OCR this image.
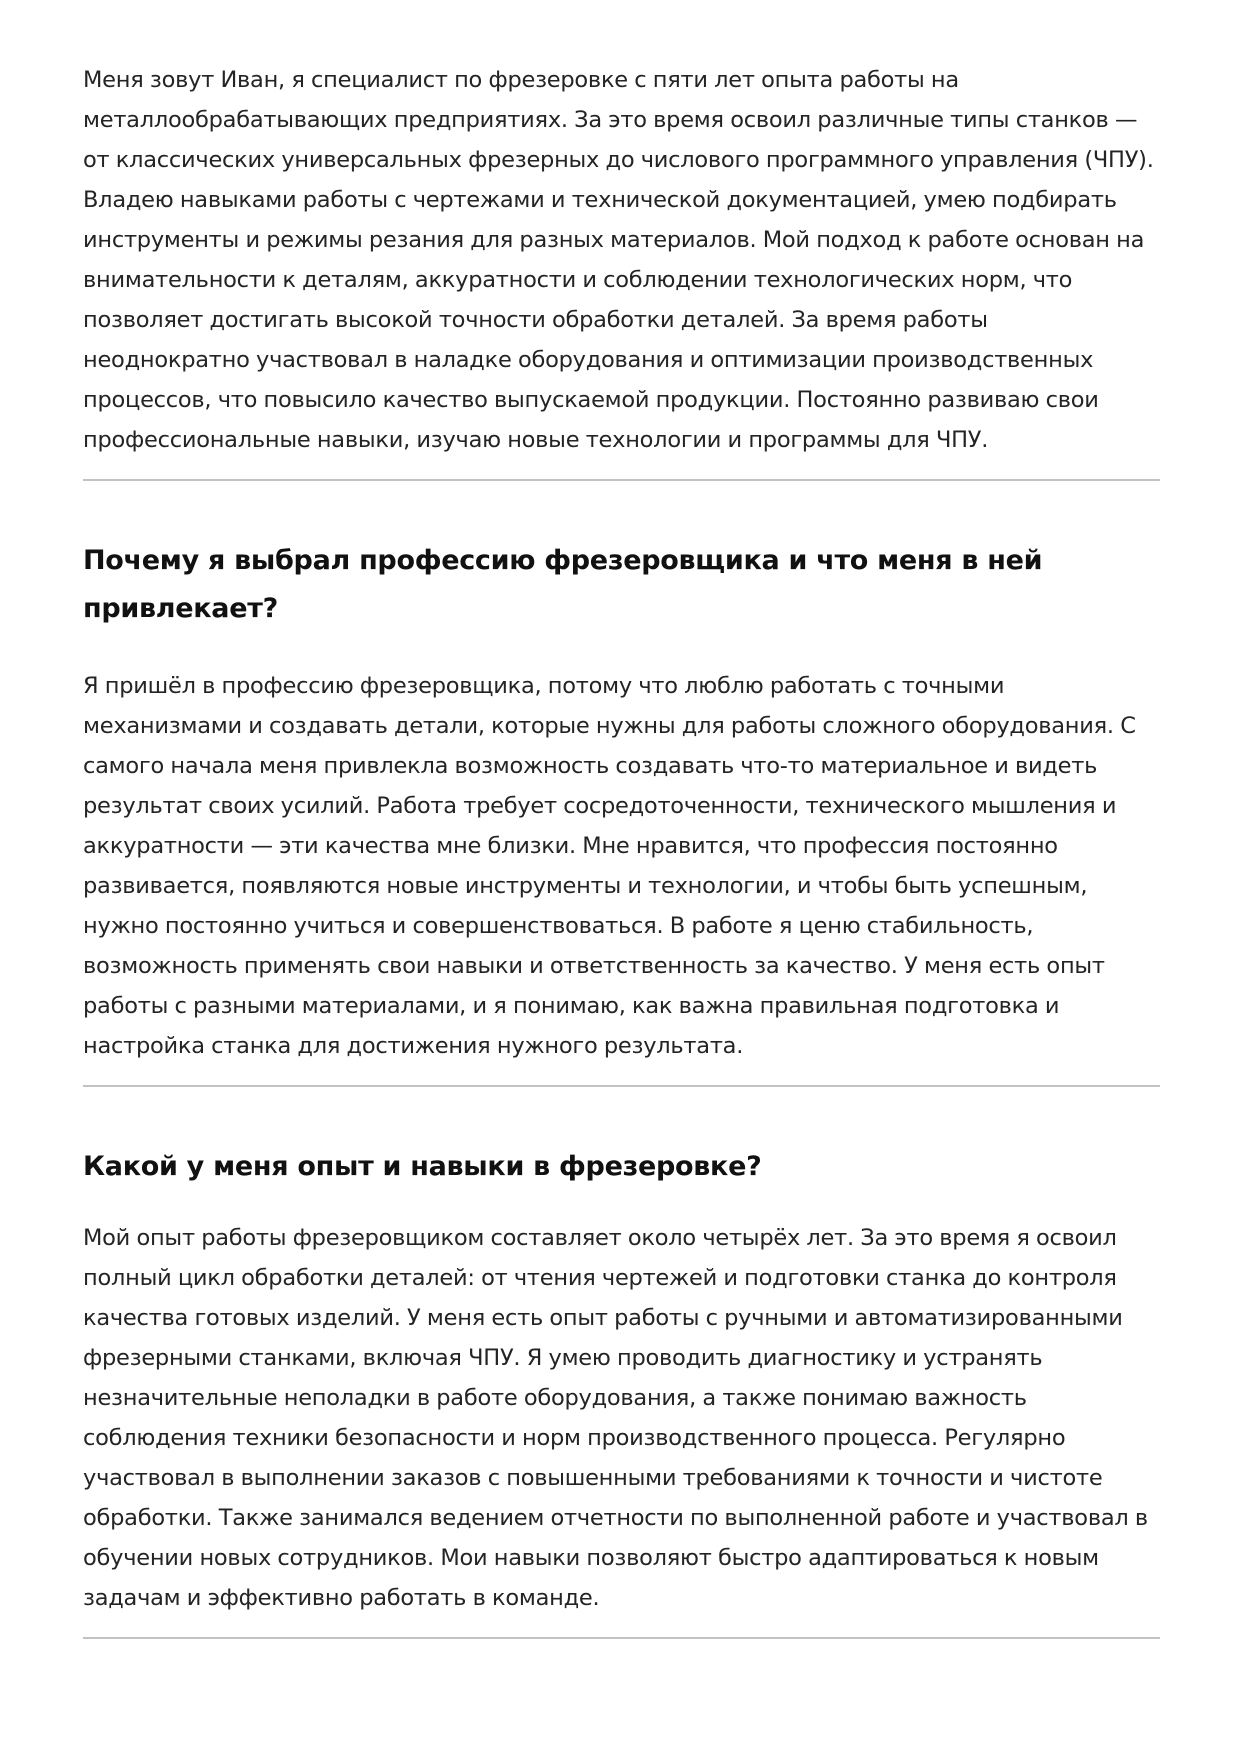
Меня зовут Иван, я специалист по фрезеровке с пяти лет опыта работы на металлообрабатывающих предприятиях. За это время освоил различные типы станков — от классических универсальных фрезерных до числового программного управления (ЧПУ). Владею навыками работы с чертежами и технической документацией, умею подбирать инструменты и режимы резания для разных материалов. Мой подход к работе основан на внимательности к деталям, аккуратности и соблюдении технологических норм, что позволяет достигать высокой точности обработки деталей. За время работы неоднократно участвовал в наладке оборудования и оптимизации производственных процессов, что повысило качество выпускаемой продукции. Постоянно развиваю свои профессиональные навыки, изучаю новые технологии и программы для ЧПУ.

Почему я выбрал профессию фрезеровщика и что меня в ней привлекает?

Я пришёл в профессию фрезеровщика, потому что люблю работать с точными механизмами и создавать детали, которые нужны для работы сложного оборудования. С самого начала меня привлекла возможность создавать что-то материальное и видеть результат своих усилий. Работа требует сосредоточенности, технического мышления и аккуратности — эти качества мне близки. Мне нравится, что профессия постоянно развивается, появляются новые инструменты и технологии, и чтобы быть успешным, нужно постоянно учиться и совершенствоваться. В работе я ценю стабильность, возможность применять свои навыки и ответственность за качество. У меня есть опыт работы с разными материалами, и я понимаю, как важна правильная подготовка и настройка станка для достижения нужного результата.

Какой у меня опыт и навыки в фрезеровке?

Мой опыт работы фрезеровщиком составляет около четырёх лет. За это время я освоил полный цикл обработки деталей: от чтения чертежей и подготовки станка до контроля качества готовых изделий. У меня есть опыт работы с ручными и автоматизированными фрезерными станками, включая ЧПУ. Я умею проводить диагностику и устранять незначительные неполадки в работе оборудования, а также понимаю важность соблюдения техники безопасности и норм производственного процесса. Регулярно участвовал в выполнении заказов с повышенными требованиями к точности и чистоте обработки. Также занимался ведением отчетности по выполненной работе и участвовал в обучении новых сотрудников. Мои навыки позволяют быстро адаптироваться к новым задачам и эффективно работать в команде.
